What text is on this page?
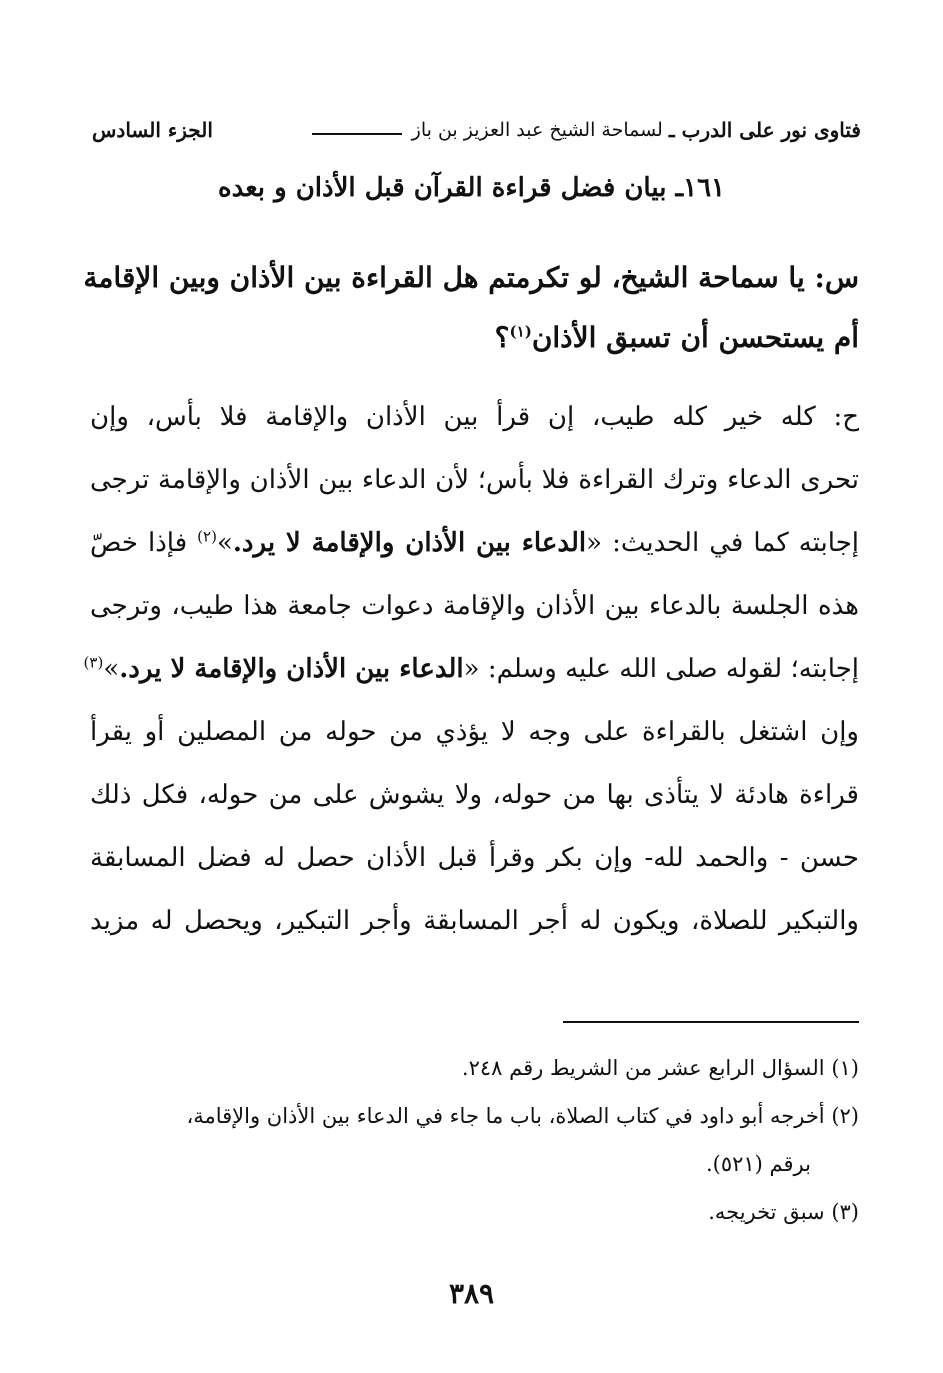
فتاوى نور على الدرب ـ
لسماحة الشيخ عبد العزيز بن باز
الجزء السادس
١٦١ـ بيان فضل قراءة القرآن قبل الأذان و بعده
س: يا سماحة الشيخ، لو تكرمتم هل القراءة بين الأذان وبين الإقامة
أم يستحسن أن تسبق الأذان$^{(١)}$؟
ح: كله خير كله طيب، إن قرأ بين الأذان والإقامة فلا بأس، وإن
تحرى الدعاء وترك القراءة فلا بأس؛ لأن الدعاء بين الأذان والإقامة ترجى
إجابته كما في الحديث: «الدعاء بين الأذان والإقامة لا يرد.»$^{(٢)}$ فإذا خصّ
هذه الجلسة بالدعاء بين الأذان والإقامة دعوات جامعة هذا طيب، وترجى
إجابته؛ لقوله صلى الله عليه وسلم: «الدعاء بين الأذان والإقامة لا يرد.»$^{(٣)}$
وإن اشتغل بالقراءة على وجه لا يؤذي من حوله من المصلين أو يقرأ
قراءة هادئة لا يتأذى بها من حوله، ولا يشوش على من حوله، فكل ذلك
حسن - والحمد لله- وإن بكر وقرأ قبل الأذان حصل له فضل المسابقة
والتبكير للصلاة، ويكون له أجر المسابقة وأجر التبكير، ويحصل له مزيد
(١) السؤال الرابع عشر من الشريط رقم ٢٤٨.
(٢) أخرجه أبو داود في كتاب الصلاة، باب ما جاء في الدعاء بين الأذان والإقامة،
برقم (٥٢١).
(٣) سبق تخريجه.
٣٨٩
